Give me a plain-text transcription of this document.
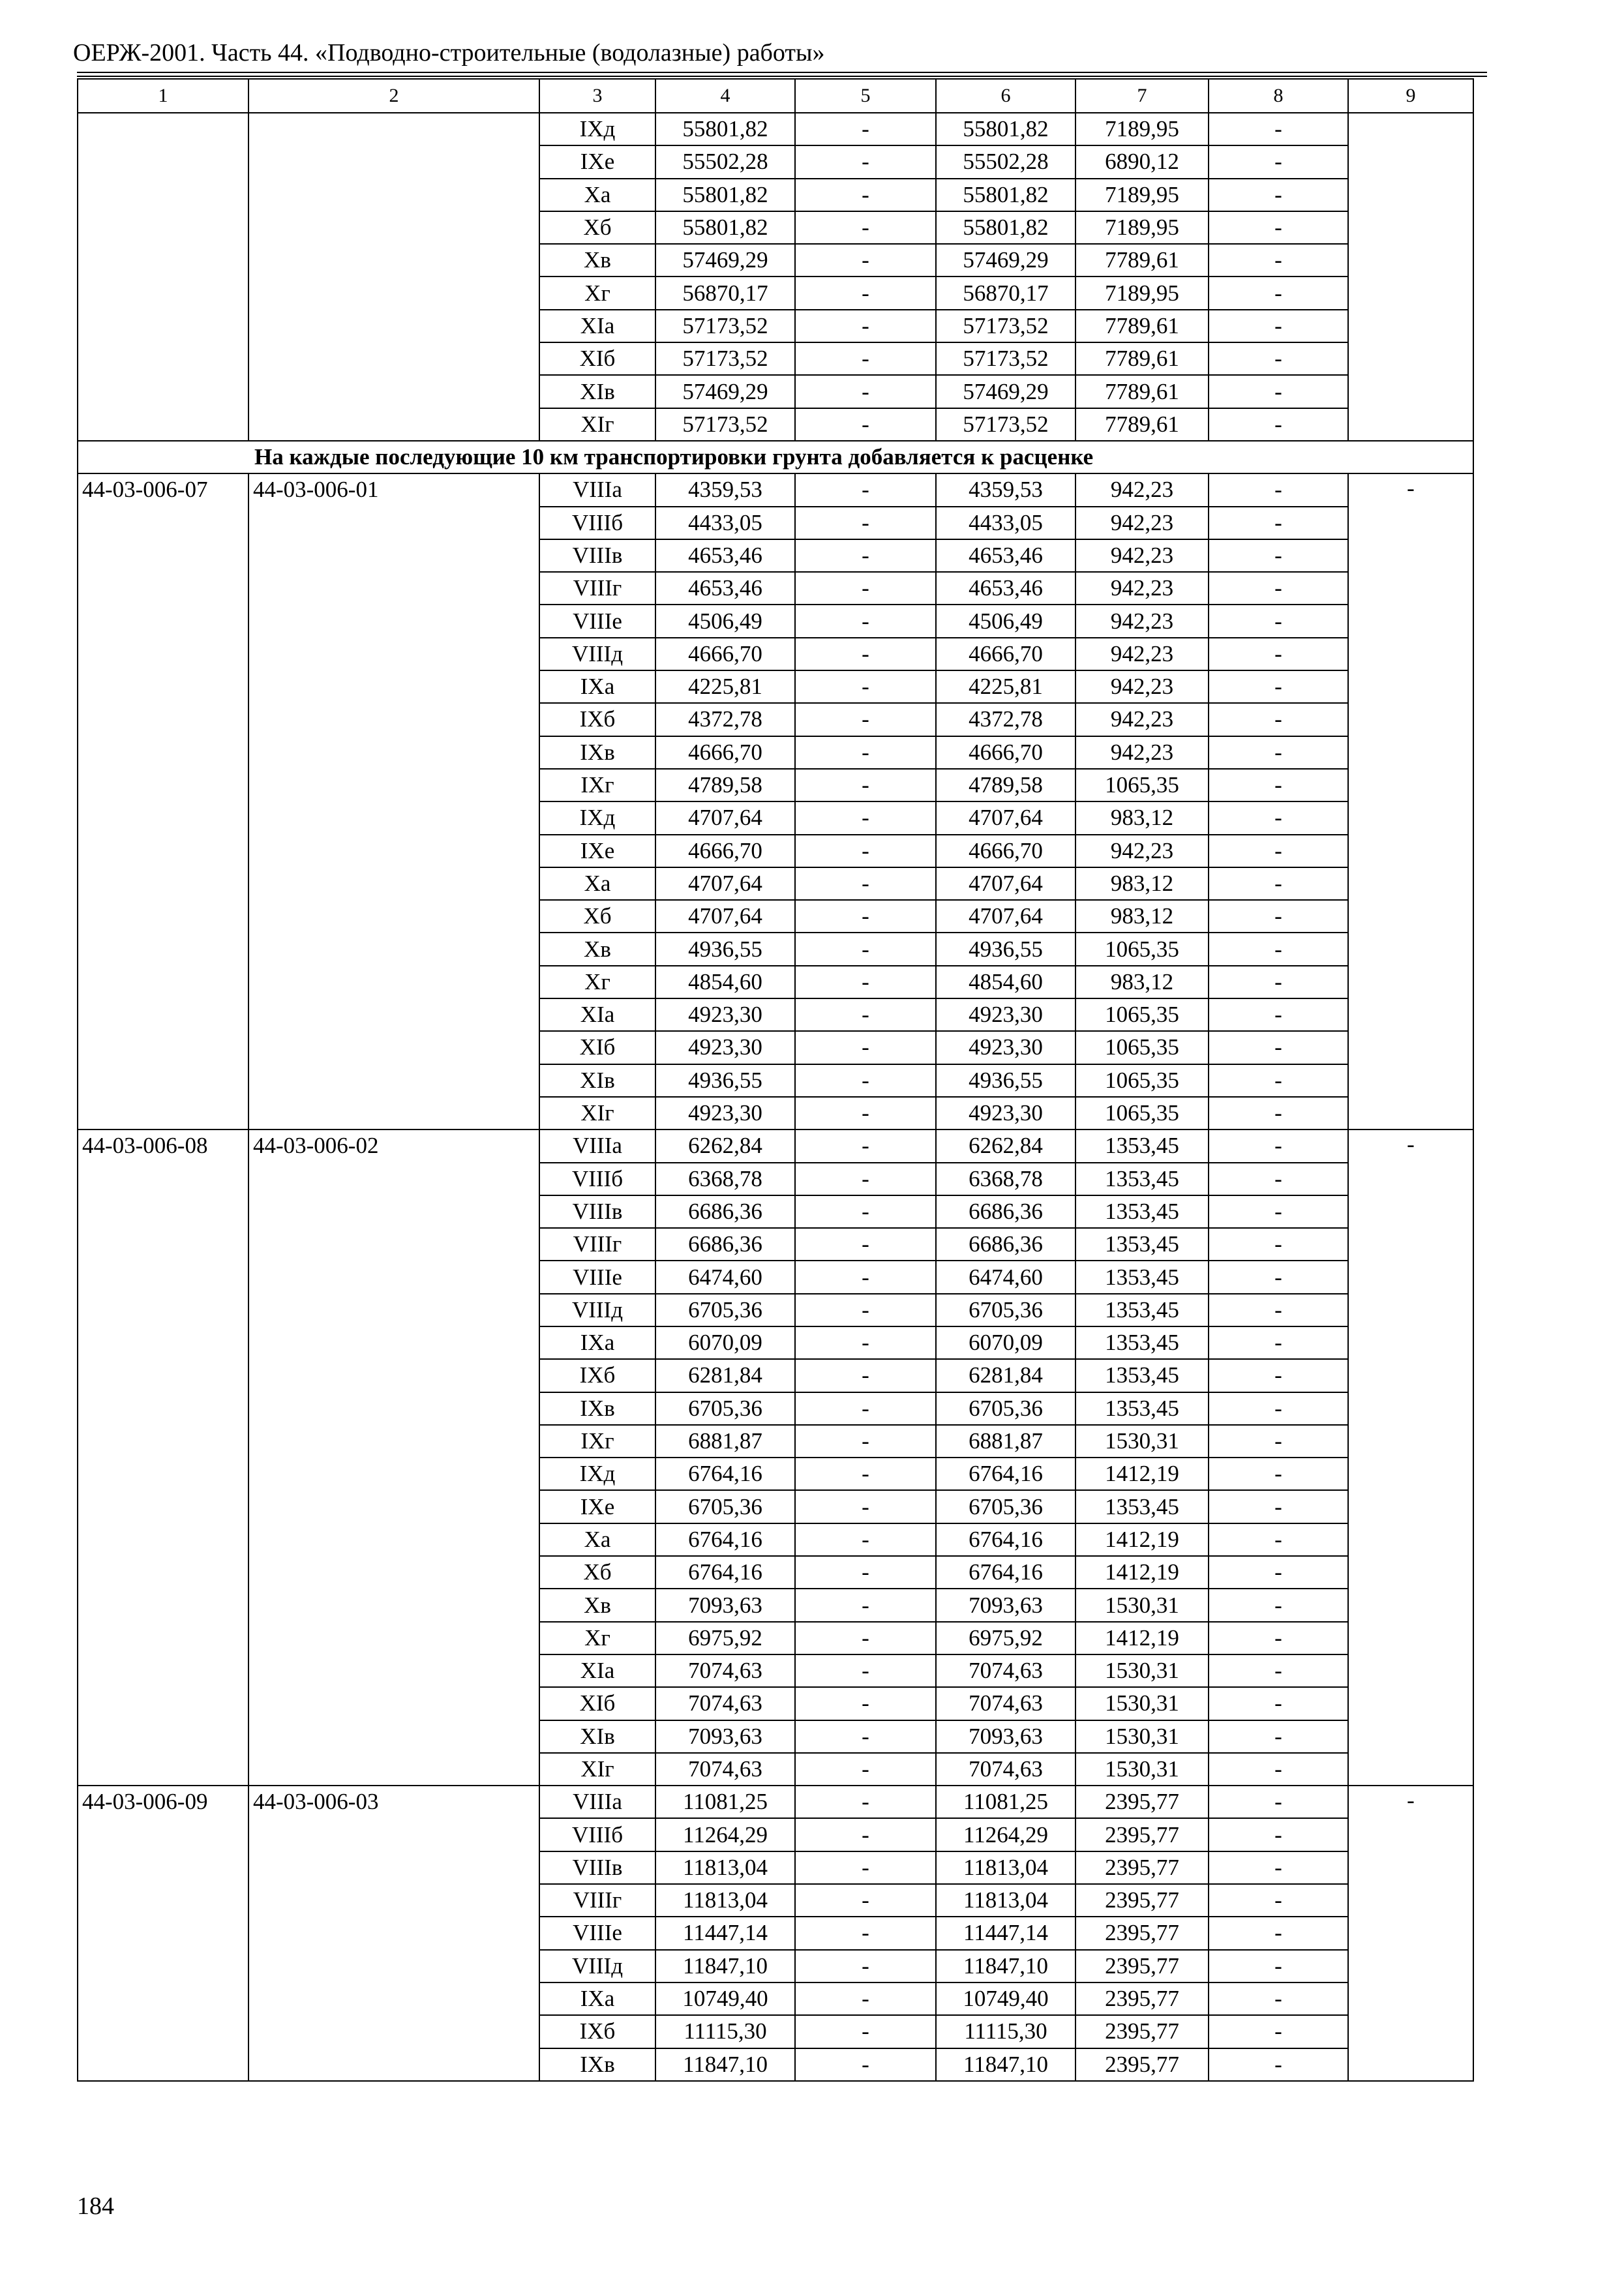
ОЕРЖ-2001. Часть 44. «Подводно-строительные (водолазные) работы»
1	2	3	4	5	6	7	8	9
		IXд	55801,82	-	55801,82	7189,95	-	
		IXе	55502,28	-	55502,28	6890,12	-	
		Xа	55801,82	-	55801,82	7189,95	-	
		Xб	55801,82	-	55801,82	7189,95	-	
		Xв	57469,29	-	57469,29	7789,61	-	
		Xг	56870,17	-	56870,17	7189,95	-	
		XIа	57173,52	-	57173,52	7789,61	-	
		XIб	57173,52	-	57173,52	7789,61	-	
		XIв	57469,29	-	57469,29	7789,61	-	
		XIг	57173,52	-	57173,52	7789,61	-	
На каждые последующие 10 км транспортировки грунта добавляется к расценке								
44-03-006-07	44-03-006-01	VIIIа	4359,53	-	4359,53	942,23	-	-
		VIIIб	4433,05	-	4433,05	942,23	-	
		VIIIв	4653,46	-	4653,46	942,23	-	
		VIIIг	4653,46	-	4653,46	942,23	-	
		VIIIе	4506,49	-	4506,49	942,23	-	
		VIIIд	4666,70	-	4666,70	942,23	-	
		IXа	4225,81	-	4225,81	942,23	-	
		IXб	4372,78	-	4372,78	942,23	-	
		IXв	4666,70	-	4666,70	942,23	-	
		IXг	4789,58	-	4789,58	1065,35	-	
		IXд	4707,64	-	4707,64	983,12	-	
		IXе	4666,70	-	4666,70	942,23	-	
		Xа	4707,64	-	4707,64	983,12	-	
		Xб	4707,64	-	4707,64	983,12	-	
		Xв	4936,55	-	4936,55	1065,35	-	
		Xг	4854,60	-	4854,60	983,12	-	
		XIа	4923,30	-	4923,30	1065,35	-	
		XIб	4923,30	-	4923,30	1065,35	-	
		XIв	4936,55	-	4936,55	1065,35	-	
		XIг	4923,30	-	4923,30	1065,35	-	
44-03-006-08	44-03-006-02	VIIIа	6262,84	-	6262,84	1353,45	-	-
		VIIIб	6368,78	-	6368,78	1353,45	-	
		VIIIв	6686,36	-	6686,36	1353,45	-	
		VIIIг	6686,36	-	6686,36	1353,45	-	
		VIIIе	6474,60	-	6474,60	1353,45	-	
		VIIIд	6705,36	-	6705,36	1353,45	-	
		IXа	6070,09	-	6070,09	1353,45	-	
		IXб	6281,84	-	6281,84	1353,45	-	
		IXв	6705,36	-	6705,36	1353,45	-	
		IXг	6881,87	-	6881,87	1530,31	-	
		IXд	6764,16	-	6764,16	1412,19	-	
		IXе	6705,36	-	6705,36	1353,45	-	
		Xа	6764,16	-	6764,16	1412,19	-	
		Xб	6764,16	-	6764,16	1412,19	-	
		Xв	7093,63	-	7093,63	1530,31	-	
		Xг	6975,92	-	6975,92	1412,19	-	
		XIа	7074,63	-	7074,63	1530,31	-	
		XIб	7074,63	-	7074,63	1530,31	-	
		XIв	7093,63	-	7093,63	1530,31	-	
		XIг	7074,63	-	7074,63	1530,31	-	
44-03-006-09	44-03-006-03	VIIIа	11081,25	-	11081,25	2395,77	-	-
		VIIIб	11264,29	-	11264,29	2395,77	-	
		VIIIв	11813,04	-	11813,04	2395,77	-	
		VIIIг	11813,04	-	11813,04	2395,77	-	
		VIIIе	11447,14	-	11447,14	2395,77	-	
		VIIIд	11847,10	-	11847,10	2395,77	-	
		IXа	10749,40	-	10749,40	2395,77	-	
		IXб	11115,30	-	11115,30	2395,77	-	
		IXв	11847,10	-	11847,10	2395,77	-	
184
